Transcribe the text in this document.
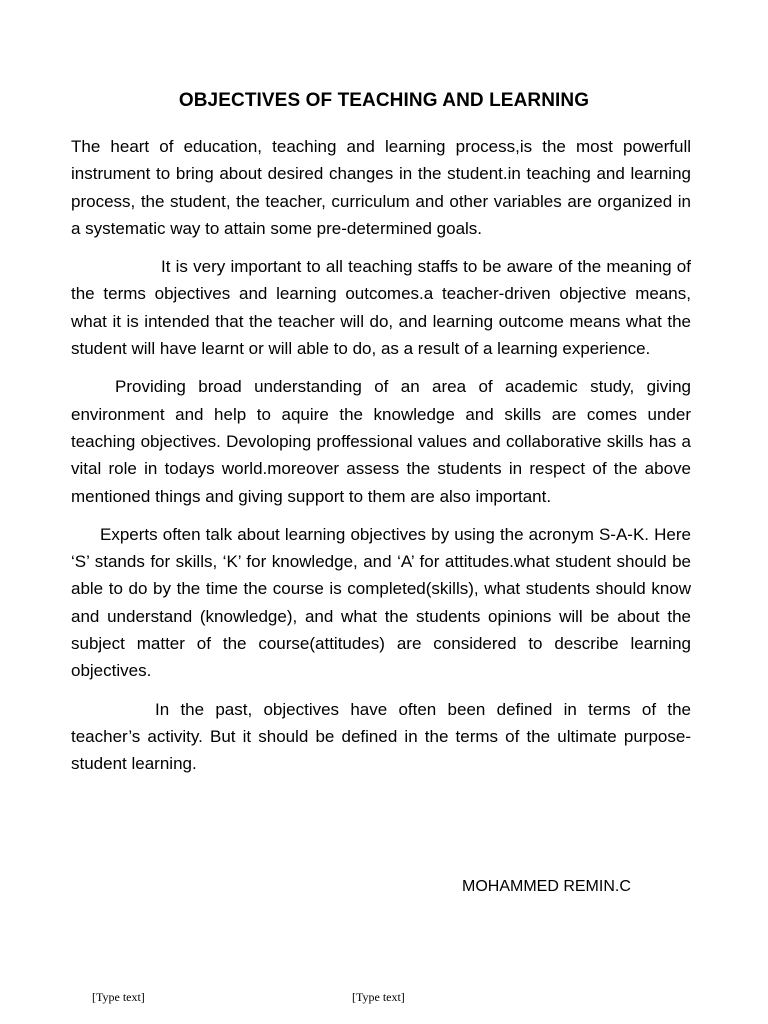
OBJECTIVES OF TEACHING AND LEARNING

The heart of education, teaching and learning process,is the most powerfull instrument to bring about desired changes in the student.in teaching and learning process, the student, the teacher, curriculum and other variables are organized in a systematic way to attain some pre-determined goals.

It is very important to all teaching staffs to be aware of the meaning of the terms objectives and learning outcomes.a teacher-driven objective means, what it is intended that the teacher will do, and learning outcome means what the student will have learnt or will able to do, as a result of a learning experience.

Providing broad understanding of an area of academic study, giving environment and help to aquire the knowledge and skills are comes under teaching objectives. Devoloping proffessional values and collaborative skills has a vital role in todays world.moreover assess the students in respect of the above mentioned things and giving support to them are also important.

Experts often talk about learning objectives by using the acronym S-A-K. Here ‘S’ stands for skills, ‘K’ for knowledge, and ‘A’ for attitudes.what student should be able to do by the time the course is completed(skills), what students should know and understand (knowledge), and what the students opinions will be about the subject matter of the course(attitudes) are considered to describe learning objectives.

In the past, objectives have often been defined in terms of the teacher’s activity. But it should be defined in the terms of the ultimate purpose-student learning.

MOHAMMED REMIN.C

[Type text]	[Type text]
